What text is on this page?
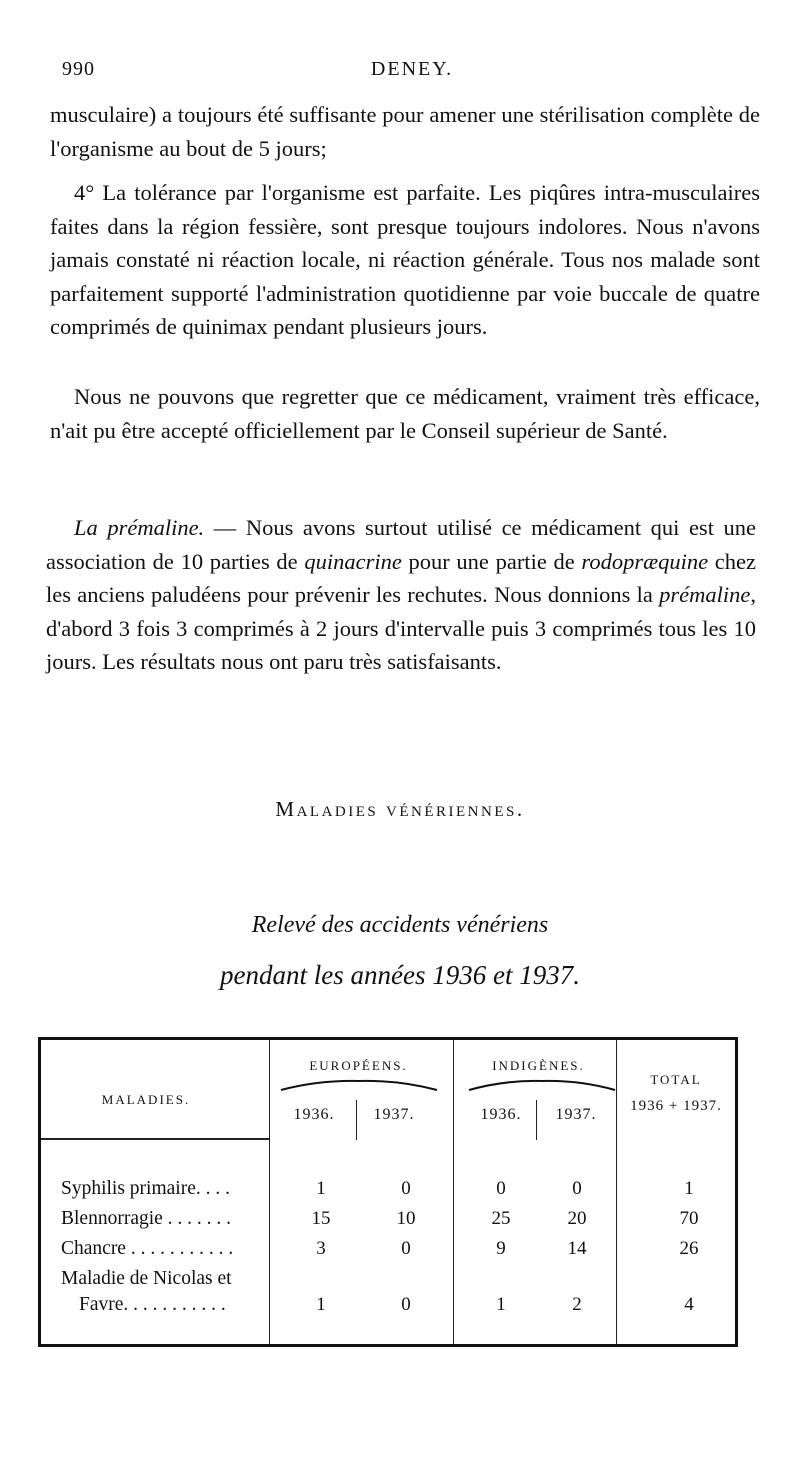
990	DENEY.

musculaire) a toujours été suffisante pour amener une stérilisation complète de l'organisme au bout de 5 jours;

4° La tolérance par l'organisme est parfaite. Les piqûres intra-musculaires faites dans la région fessière, sont presque toujours indolores. Nous n'avons jamais constaté ni réaction locale, ni réaction générale. Tous nos malade sont parfaitement supporté l'administration quotidienne par voie buccale de quatre comprimés de quinimax pendant plusieurs jours.

Nous ne pouvons que regretter que ce médicament, vraiment très efficace, n'ait pu être accepté officiellement par le Conseil supérieur de Santé.

La prémaline. — Nous avons surtout utilisé ce médicament qui est une association de 10 parties de quinacrine pour une partie de rodopræquine chez les anciens paludéens pour prévenir les rechutes. Nous donnions la prémaline, d'abord 3 fois 3 comprimés à 2 jours d'intervalle puis 3 comprimés tous les 10 jours. Les résultats nous ont paru très satisfaisants.

Maladies vénériennes.
Relevé des accidents vénériens
pendant les années 1936 et 1937.
MALADIES.
EUROPÉENS.	INDIGÈNES.
TOTAL
1936 + 1937.
1936.	1937.	1936.	1937.
Syphilis primaire. . . .	1	0	0	0	1
Blennorragie . . . . . . .	15	10	25	20	70
Chancre . . . . . . . . . . .	3	0	9	14	26
Maladie de Nicolas et
Favre. . . . . . . . . . .	1	0	1	2	4
